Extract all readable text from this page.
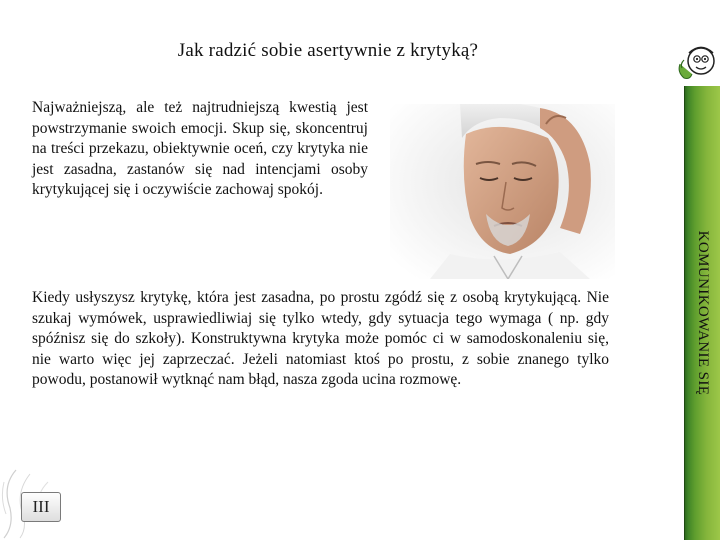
Jak radzić sobie asertywnie z krytyką?
Najważniejszą, ale też najtrudniejszą kwestią jest powstrzymanie swoich emocji. Skup się, skoncentruj na treści przekazu, obiektywnie oceń, czy krytyka nie jest zasadna, zastanów się nad intencjami osoby krytykującej się i oczywiście zachowaj spokój.
Kiedy usłyszysz krytykę, która jest zasadna, po prostu zgódź się z osobą krytykującą. Nie szukaj wymówek, usprawiedliwiaj się tylko wtedy, gdy sytuacja tego wymaga ( np. gdy spóźnisz się do szkoły). Konstruktywna krytyka może pomóc ci w samodoskonaleniu się, nie warto więc jej zaprzeczać. Jeżeli natomiast ktoś po prostu, z sobie znanego tylko powodu, postanowił wytknąć nam błąd, nasza zgoda ucina rozmowę.	KOMUNIKOWANIE SIĘ
III
